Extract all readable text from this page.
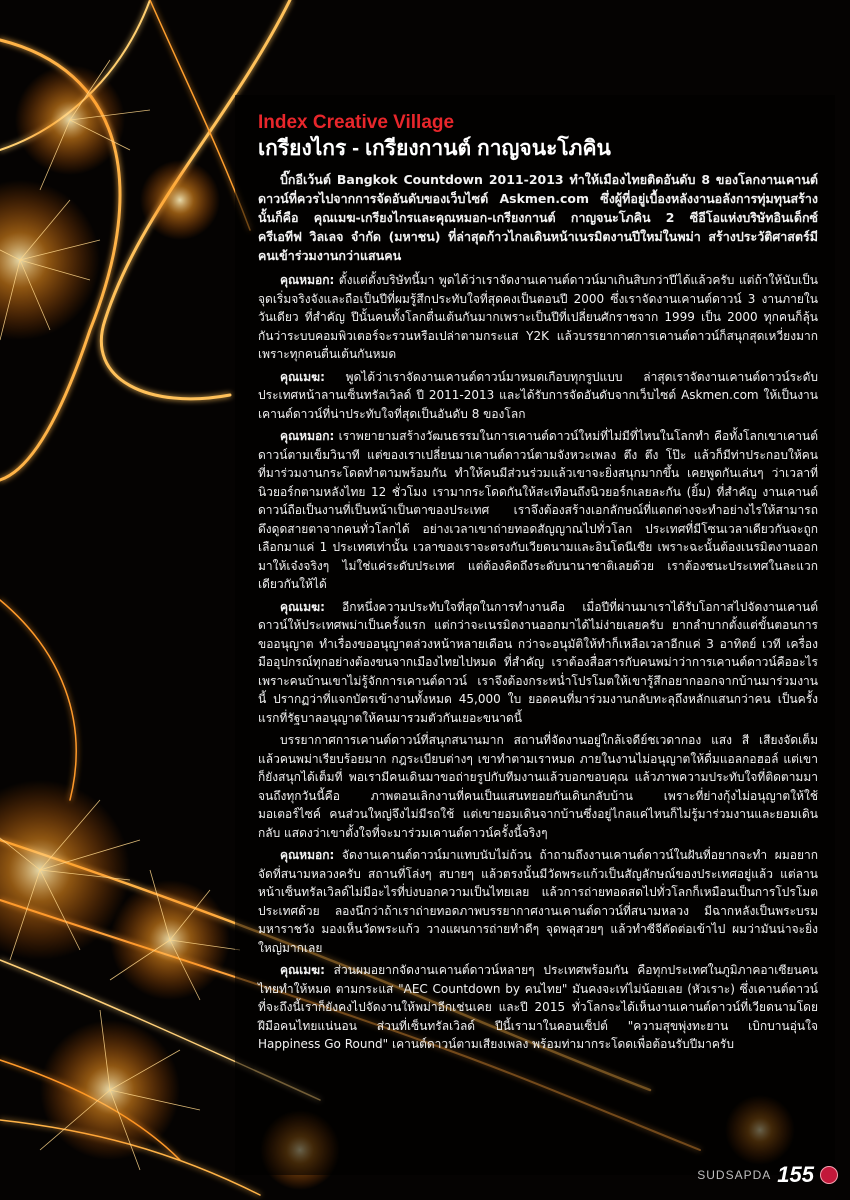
Index Creative Village
เกรียงไกร - เกรียงกานต์ กาญจนะโภคิน

บิ๊กอีเว้นต์ Bangkok Countdown 2011-2013 ทำให้เมืองไทยติดอันดับ 8 ของโลกงานเคานต์ดาวน์ที่ควรไปจากการจัดอันดับของเว็บไซต์ Askmen.com ซึ่งผู้ที่อยู่เบื้องหลังงานอลังการทุ่มทุนสร้างนั้นก็คือ คุณเมฆ-เกรียงไกรและคุณหมอก-เกรียงกานต์ กาญจนะโภคิน 2 ซีอีโอแห่งบริษัทอินเด็กซ์ ครีเอทีฟ วิลเลจ จำกัด (มหาชน) ที่ล่าสุดก้าวไกลเดินหน้าเนรมิตงานปีใหม่ในพม่า สร้างประวัติศาสตร์มีคนเข้าร่วมงานกว่าแสนคน

คุณหมอก: ตั้งแต่ตั้งบริษัทนี้มา พูดได้ว่าเราจัดงานเคานต์ดาวน์มาเกินสิบกว่าปีได้แล้วครับ แต่ถ้าให้นับเป็นจุดเริ่มจริงจังและถือเป็นปีที่ผมรู้สึกประทับใจที่สุดคงเป็นตอนปี 2000 ซึ่งเราจัดงานเคานต์ดาวน์ 3 งานภายในวันเดียว ที่สำคัญ ปีนั้นคนทั้งโลกตื่นเต้นกันมากเพราะเป็นปีที่เปลี่ยนศักราชจาก 1999 เป็น 2000 ทุกคนก็ลุ้นกันว่าระบบคอมพิวเตอร์จะรวนหรือเปล่าตามกระแส Y2K แล้วบรรยากาศการเคานต์ดาวน์ก็สนุกสุดเหวี่ยงมากเพราะทุกคนตื่นเต้นกันหมด

คุณเมฆ: พูดได้ว่าเราจัดงานเคานต์ดาวน์มาหมดเกือบทุกรูปแบบ ล่าสุดเราจัดงานเคานต์ดาวน์ระดับประเทศหน้าลานเซ็นทรัลเวิลด์ ปี 2011-2013 และได้รับการจัดอันดับจากเว็บไซต์ Askmen.com ให้เป็นงานเคานต์ดาวน์ที่น่าประทับใจที่สุดเป็นอันดับ 8 ของโลก

คุณหมอก: เราพยายามสร้างวัฒนธรรมในการเคานต์ดาวน์ใหม่ที่ไม่มีที่ไหนในโลกทำ คือทั้งโลกเขาเคานต์ดาวน์ตามเข็มวินาที แต่ของเราเปลี่ยนมาเคานต์ดาวน์ตามจังหวะเพลง ตึง ตึง โป๊ะ แล้วก็มีท่าประกอบให้คนที่มาร่วมงานกระโดดทำตามพร้อมกัน ทำให้คนมีส่วนร่วมแล้วเขาจะยิ่งสนุกมากขึ้น เคยพูดกันเล่นๆ ว่าเวลาที่นิวยอร์กตามหลังไทย 12 ชั่วโมง เรามากระโดดกันให้สะเทือนถึงนิวยอร์กเลยละกัน (ยิ้ม) ที่สำคัญ งานเคานต์ดาวน์ถือเป็นงานที่เป็นหน้าเป็นตาของประเทศ เราจึงต้องสร้างเอกลักษณ์ที่แตกต่างจะทำอย่างไรให้สามารถดึงดูดสายตาจากคนทั่วโลกได้ อย่างเวลาเขาถ่ายทอดสัญญาณไปทั่วโลก ประเทศที่มีโซนเวลาเดียวกันจะถูกเลือกมาแค่ 1 ประเทศเท่านั้น เวลาของเราจะตรงกับเวียดนามและอินโดนีเซีย เพราะฉะนั้นต้องเนรมิตงานออกมาให้เจ๋งจริงๆ ไม่ใช่แค่ระดับประเทศ แต่ต้องคิดถึงระดับนานาชาติเลยด้วย เราต้องชนะประเทศในละแวกเดียวกันให้ได้

คุณเมฆ: อีกหนึ่งความประทับใจที่สุดในการทำงานคือ เมื่อปีที่ผ่านมาเราได้รับโอกาสไปจัดงานเคานต์ดาวน์ให้ประเทศพม่าเป็นครั้งแรก แต่กว่าจะเนรมิตงานออกมาได้ไม่ง่ายเลยครับ ยากลำบากตั้งแต่ขั้นตอนการขออนุญาต ทำเรื่องขออนุญาตล่วงหน้าหลายเดือน กว่าจะอนุมัติให้ทำก็เหลือเวลาอีกแค่ 3 อาทิตย์ เวที เครื่องมืออุปกรณ์ทุกอย่างต้องขนจากเมืองไทยไปหมด ที่สำคัญ เราต้องสื่อสารกับคนพม่าว่าการเคานต์ดาวน์คืออะไร เพราะคนบ้านเขาไม่รู้จักการเคานต์ดาวน์ เราจึงต้องกระหน่ำโปรโมตให้เขารู้สึกอยากออกจากบ้านมาร่วมงานนี้ ปรากฏว่าที่แจกบัตรเข้างานทั้งหมด 45,000 ใบ ยอดคนที่มาร่วมงานกลับทะลุถึงหลักแสนกว่าคน เป็นครั้งแรกที่รัฐบาลอนุญาตให้คนมารวมตัวกันเยอะขนาดนี้

บรรยากาศการเคานต์ดาวน์ที่สนุกสนานมาก สถานที่จัดงานอยู่ใกล้เจดีย์ชเวดากอง แสง สี เสียงจัดเต็ม แล้วคนพม่าเรียบร้อยมาก กฎระเบียบต่างๆ เขาทำตามเราหมด ภายในงานไม่อนุญาตให้ดื่มแอลกอฮอล์ แต่เขาก็ยังสนุกได้เต็มที่ พอเรามีคนเดินมาขอถ่ายรูปกับทีมงานแล้วบอกขอบคุณ แล้วภาพความประทับใจที่ติดตามมาจนถึงทุกวันนี้คือ ภาพตอนเลิกงานที่คนเป็นแสนทยอยกันเดินกลับบ้าน เพราะที่ย่างกุ้งไม่อนุญาตให้ใช้มอเตอร์ไซค์ คนส่วนใหญ่จึงไม่มีรถใช้ แต่เขายอมเดินจากบ้านซึ่งอยู่ไกลแค่ไหนก็ไม่รู้มาร่วมงานและยอมเดินกลับ แสดงว่าเขาตั้งใจที่จะมาร่วมเคานต์ดาวน์ครั้งนี้จริงๆ

คุณหมอก: จัดงานเคานต์ดาวน์มาแทบนับไม่ถ้วน ถ้าถามถึงงานเคานต์ดาวน์ในฝันที่อยากจะทำ ผมอยากจัดที่สนามหลวงครับ สถานที่โล่งๆ สบายๆ แล้วตรงนั้นมีวัดพระแก้วเป็นสัญลักษณ์ของประเทศอยู่แล้ว แต่ลานหน้าเซ็นทรัลเวิลด์ไม่มีอะไรที่บ่งบอกความเป็นไทยเลย แล้วการถ่ายทอดสดไปทั่วโลกก็เหมือนเป็นการโปรโมตประเทศด้วย ลองนึกว่าถ้าเราถ่ายทอดภาพบรรยากาศงานเคานต์ดาวน์ที่สนามหลวง มีฉากหลังเป็นพระบรมมหาราชวัง มองเห็นวัดพระแก้ว วางแผนการถ่ายทำดีๆ จุดพลุสวยๆ แล้วทำซีจีตัดต่อเข้าไป ผมว่ามันน่าจะยิ่งใหญ่มากเลย

คุณเมฆ: ส่วนผมอยากจัดงานเคานต์ดาวน์หลายๆ ประเทศพร้อมกัน คือทุกประเทศในภูมิภาคอาเซียนคนไทยทำให้หมด ตามกระแส "AEC Countdown by คนไทย" มันคงจะเท่ไม่น้อยเลย (หัวเราะ) ซึ่งเคานต์ดาวน์ที่จะถึงนี้เราก็ยังคงไปจัดงานให้พม่าอีกเช่นเคย และปี 2015 ทั่วโลกจะได้เห็นงานเคานต์ดาวน์ที่เวียดนามโดยฝีมือคนไทยแน่นอน ส่วนที่เซ็นทรัลเวิลด์ ปีนี้เรามาในคอนเซ็ปต์ "ความสุขพุ่งทะยาน เบิกบานอุ่นใจ Happiness Go Round" เคานต์ดาวน์ตามเสียงเพลง พร้อมท่ามากระโดดเพื่อต้อนรับปีมาครับ

SUDSAPDA 155
